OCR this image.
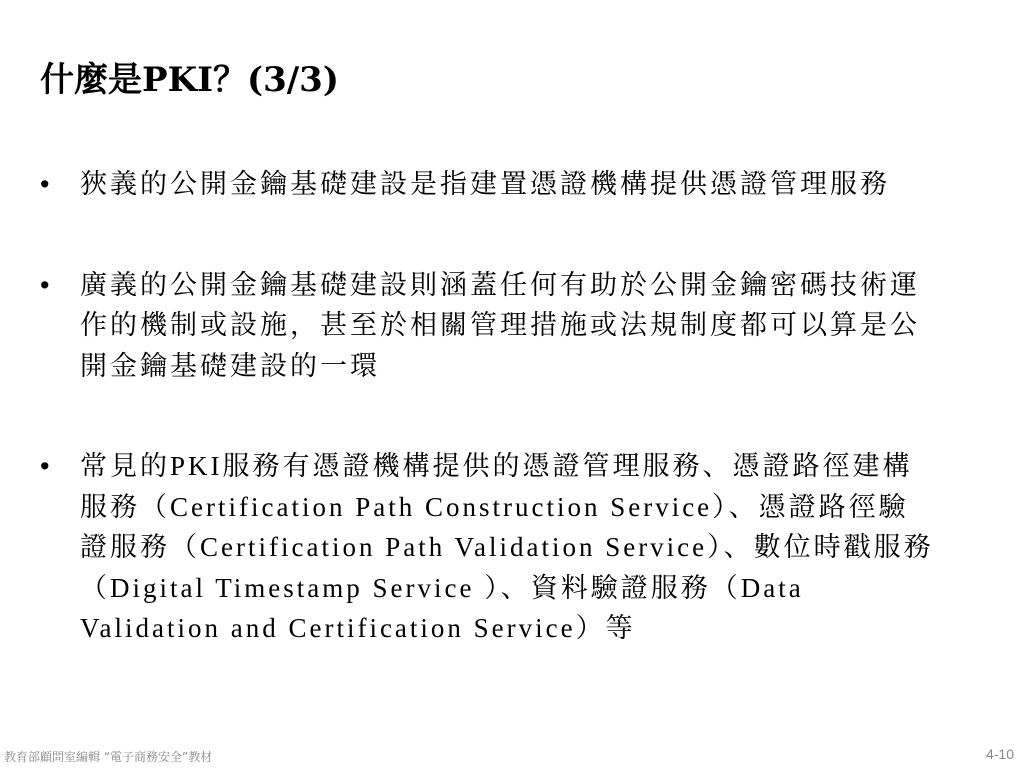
什麼是PKI？(3/3)
• 狹義的公開金鑰基礎建設是指建置憑證機構提供憑證管理服務
• 廣義的公開金鑰基礎建設則涵蓋任何有助於公開金鑰密碼技術運作的機制或設施，甚至於相關管理措施或法規制度都可以算是公開金鑰基礎建設的一環
• 常見的PKI服務有憑證機構提供的憑證管理服務、憑證路徑建構服務（Certification Path Construction Service）、憑證路徑驗證服務（Certification Path Validation Service）、數位時戳服務（Digital Timestamp Service ）、資料驗證服務（Data Validation and Certification Service）等
教育部顧問室編輯 “電子商務安全”教材	4-10
